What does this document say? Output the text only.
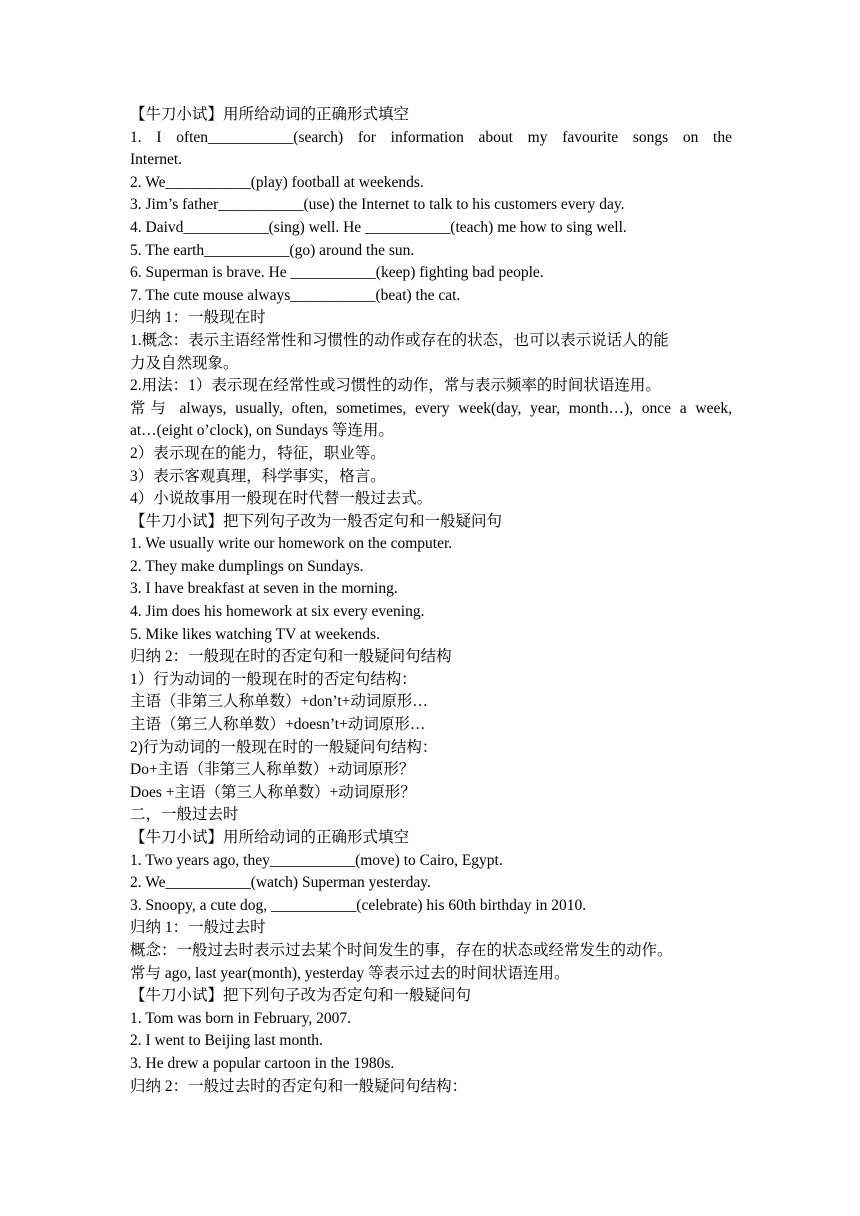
【牛刀小试】用所给动词的正确形式填空
1. I often___________(search) for information about my favourite songs on the
Internet.
2. We___________(play) football at weekends.
3. Jim’s father___________(use) the Internet to talk to his customers every day.
4. Daivd___________(sing) well. He ___________(teach) me how to sing well.
5. The earth___________(go) around the sun.
6. Superman is brave. He ___________(keep) fighting bad people.
7. The cute mouse always___________(beat) the cat.
归纳 1：一般现在时
1.概念：表示主语经常性和习惯性的动作或存在的状态，也可以表示说话人的能
力及自然现象。
2.用法：1）表示现在经常性或习惯性的动作，常与表示频率的时间状语连用。
常与 always, usually, often, sometimes, every week(day, year, month…), once a week,
at…(eight o’clock), on Sundays 等连用。
2）表示现在的能力，特征，职业等。
3）表示客观真理，科学事实，格言。
4）小说故事用一般现在时代替一般过去式。
【牛刀小试】把下列句子改为一般否定句和一般疑问句
1. We usually write our homework on the computer.
2. They make dumplings on Sundays.
3. I have breakfast at seven in the morning.
4. Jim does his homework at six every evening.
5. Mike likes watching TV at weekends.
归纳 2：一般现在时的否定句和一般疑问句结构
1）行为动词的一般现在时的否定句结构：
主语（非第三人称单数）+don’t+动词原形…
主语（第三人称单数）+doesn’t+动词原形…
2)行为动词的一般现在时的一般疑问句结构：
Do+主语（非第三人称单数）+动词原形？
Does +主语（第三人称单数）+动词原形？
二，一般过去时
【牛刀小试】用所给动词的正确形式填空
1. Two years ago, they___________(move) to Cairo, Egypt.
2. We___________(watch) Superman yesterday.
3. Snoopy, a cute dog, ___________(celebrate) his 60th birthday in 2010.
归纳 1：一般过去时
概念：一般过去时表示过去某个时间发生的事，存在的状态或经常发生的动作。
常与 ago, last year(month), yesterday 等表示过去的时间状语连用。
【牛刀小试】把下列句子改为否定句和一般疑问句
1. Tom was born in February, 2007.
2. I went to Beijing last month.
3. He drew a popular cartoon in the 1980s.
归纳 2：一般过去时的否定句和一般疑问句结构：
